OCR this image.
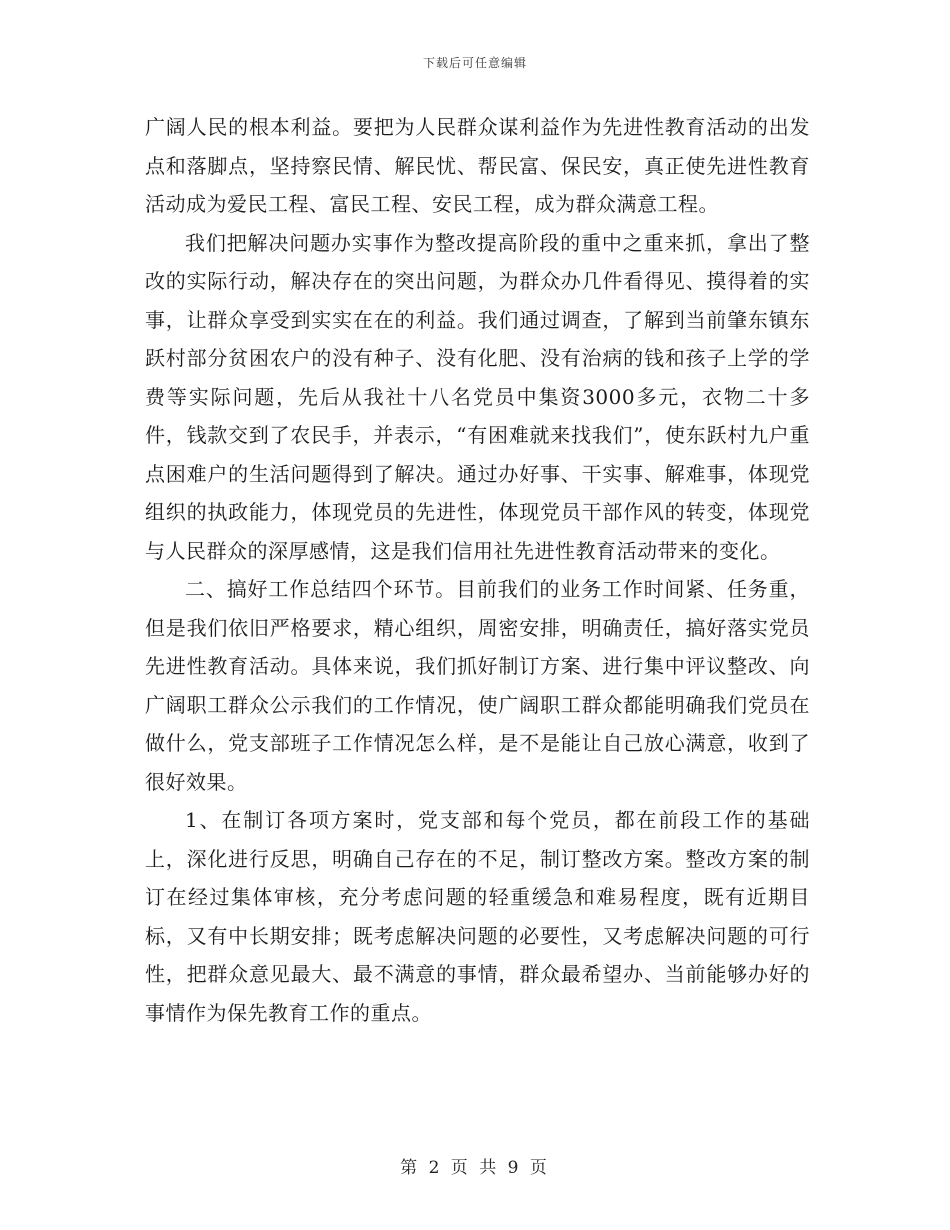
下载后可任意编辑

广阔人民的根本利益。要把为人民群众谋利益作为先进性教育活动的出发点和落脚点，坚持察民情、解民忧、帮民富、保民安，真正使先进性教育活动成为爱民工程、富民工程、安民工程，成为群众满意工程。

我们把解决问题办实事作为整改提高阶段的重中之重来抓，拿出了整改的实际行动，解决存在的突出问题，为群众办几件看得见、摸得着的实事，让群众享受到实实在在的利益。我们通过调查，了解到当前肇东镇东跃村部分贫困农户的没有种子、没有化肥、没有治病的钱和孩子上学的学费等实际问题，先后从我社十八名党员中集资3000多元，衣物二十多件，钱款交到了农民手，并表示，“有困难就来找我们”，使东跃村九户重点困难户的生活问题得到了解决。通过办好事、干实事、解难事，体现党组织的执政能力，体现党员的先进性，体现党员干部作风的转变，体现党与人民群众的深厚感情，这是我们信用社先进性教育活动带来的变化。

二、搞好工作总结四个环节。目前我们的业务工作时间紧、任务重，但是我们依旧严格要求，精心组织，周密安排，明确责任，搞好落实党员先进性教育活动。具体来说，我们抓好制订方案、进行集中评议整改、向广阔职工群众公示我们的工作情况，使广阔职工群众都能明确我们党员在做什么，党支部班子工作情况怎么样，是不是能让自己放心满意，收到了很好效果。

1、在制订各项方案时，党支部和每个党员，都在前段工作的基础上，深化进行反思，明确自己存在的不足，制订整改方案。整改方案的制订在经过集体审核，充分考虑问题的轻重缓急和难易程度，既有近期目标，又有中长期安排；既考虑解决问题的必要性，又考虑解决问题的可行性，把群众意见最大、最不满意的事情，群众最希望办、当前能够办好的事情作为保先教育工作的重点。

第 2 页 共 9 页
